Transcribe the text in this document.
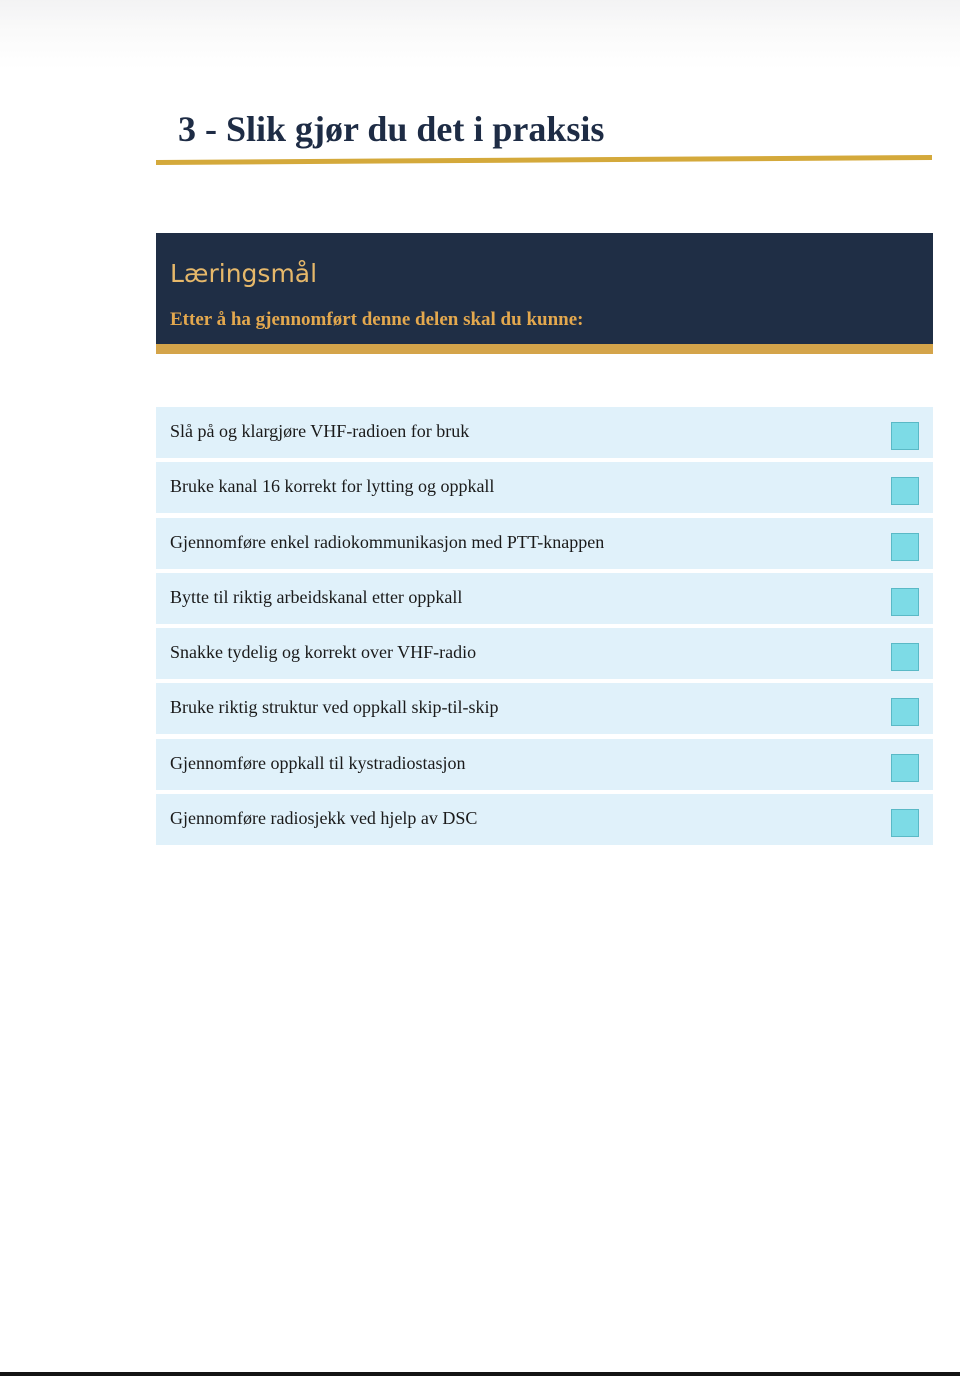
3 - Slik gjør du det i praksis
Læringsmål
Etter å ha gjennomført denne delen skal du kunne:
Slå på og klargjøre VHF-radioen for bruk
Bruke kanal 16 korrekt for lytting og oppkall
Gjennomføre enkel radiokommunikasjon med PTT-knappen
Bytte til riktig arbeidskanal etter oppkall
Snakke tydelig og korrekt over VHF-radio
Bruke riktig struktur ved oppkall skip-til-skip
Gjennomføre oppkall til kystradiostasjon
Gjennomføre radiosjekk ved hjelp av DSC
